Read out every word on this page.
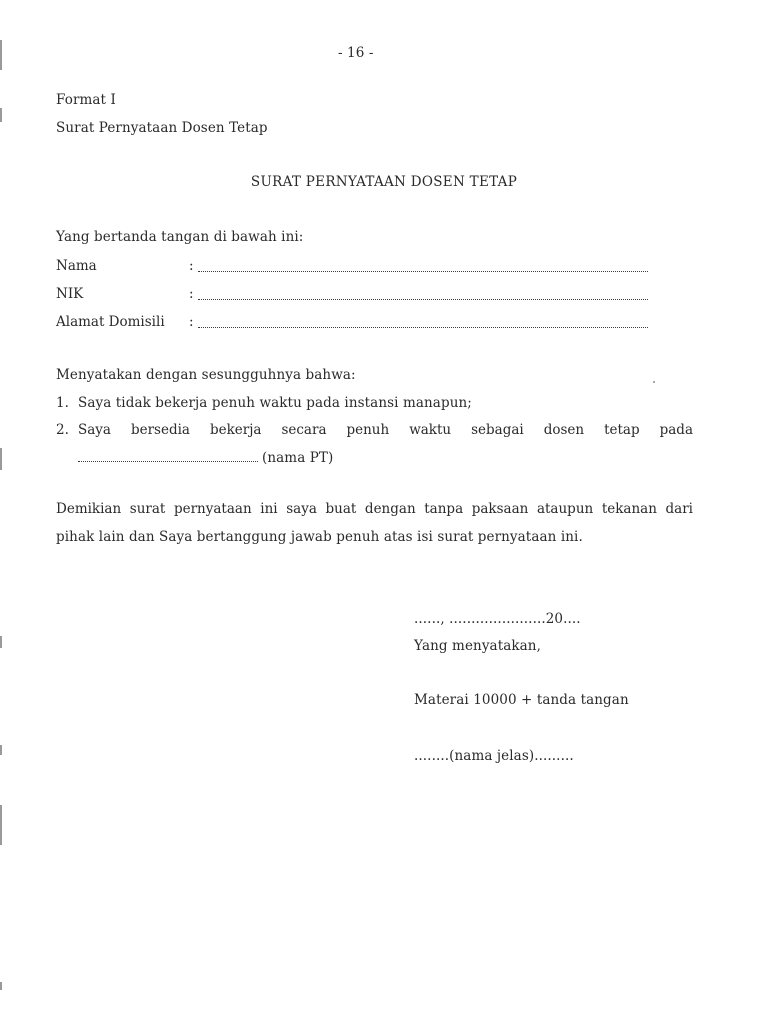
- 16 -
Format I
Surat Pernyataan Dosen Tetap
SURAT PERNYATAAN DOSEN TETAP
Yang bertanda tangan di bawah ini:
Nama	:
NIK	:
Alamat Domisili :
Menyatakan dengan sesungguhnya bahwa:
1. Saya tidak bekerja penuh waktu pada instansi manapun;
2. Saya bersedia bekerja secara penuh waktu sebagai dosen tetap pada
(nama PT)
Demikian surat pernyataan ini saya buat dengan tanpa paksaan ataupun tekanan dari
pihak lain dan Saya bertanggung jawab penuh atas isi surat pernyataan ini.
......, ......................20....
Yang menyatakan,
Materai 10000 + tanda tangan
........(nama jelas).........
